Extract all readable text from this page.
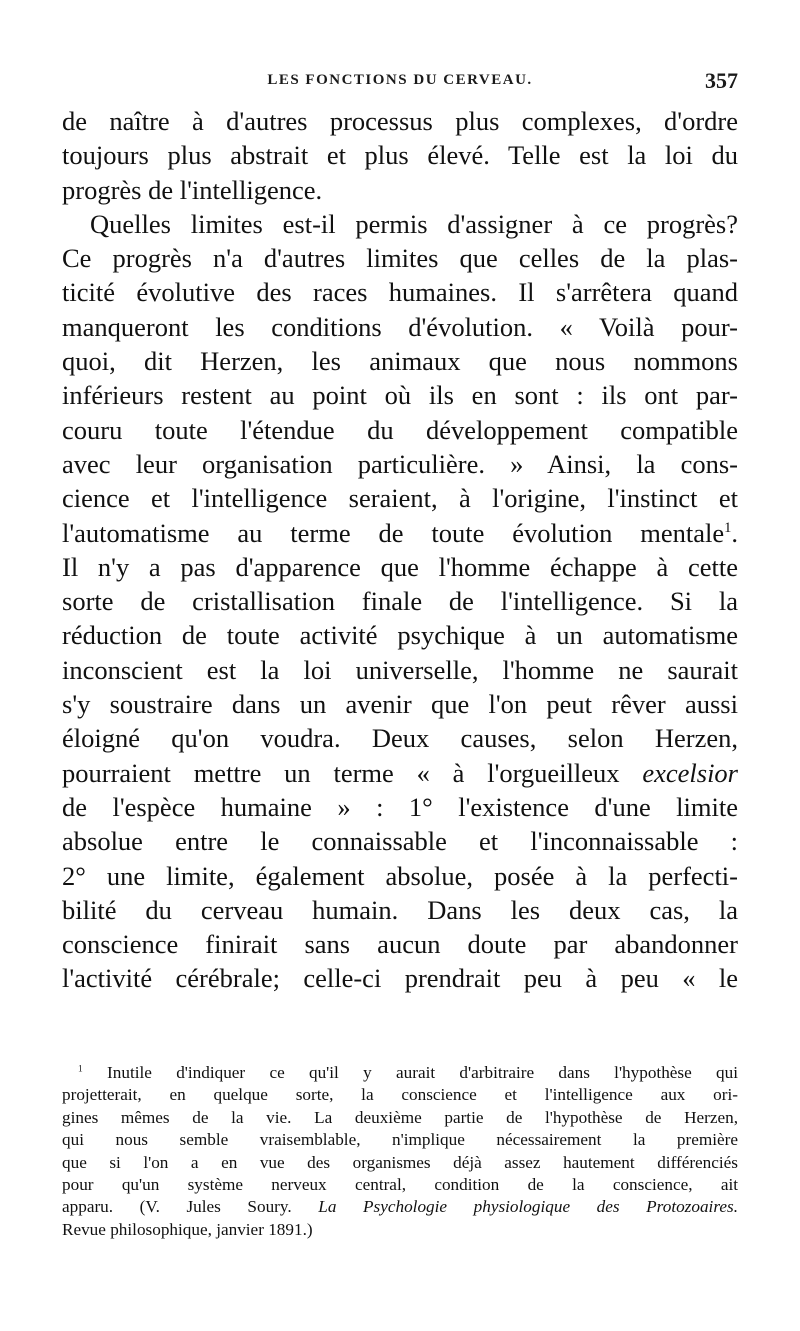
LES FONCTIONS DU CERVEAU.	357
de naître à d'autres processus plus complexes, d'ordre
toujours plus abstrait et plus élevé. Telle est la loi du
progrès de l'intelligence.
Quelles limites est-il permis d'assigner à ce progrès?
Ce progrès n'a d'autres limites que celles de la plas-
ticité évolutive des races humaines. Il s'arrêtera quand
manqueront les conditions d'évolution. « Voilà pour-
quoi, dit Herzen, les animaux que nous nommons
inférieurs restent au point où ils en sont : ils ont par-
couru toute l'étendue du développement compatible
avec leur organisation particulière. » Ainsi, la cons-
cience et l'intelligence seraient, à l'origine, l'instinct et
l'automatisme au terme de toute évolution mentale$^1$.
Il n'y a pas d'apparence que l'homme échappe à cette
sorte de cristallisation finale de l'intelligence. Si la
réduction de toute activité psychique à un automatisme
inconscient est la loi universelle, l'homme ne saurait
s'y soustraire dans un avenir que l'on peut rêver aussi
éloigné qu'on voudra. Deux causes, selon Herzen,
pourraient mettre un terme « à l'orgueilleux excelsior
de l'espèce humaine » : 1° l'existence d'une limite
absolue entre le connaissable et l'inconnaissable :
2° une limite, également absolue, posée à la perfecti-
bilité du cerveau humain. Dans les deux cas, la
conscience finirait sans aucun doute par abandonner
l'activité cérébrale; celle-ci prendrait peu à peu « le
$^1$ Inutile d'indiquer ce qu'il y aurait d'arbitraire dans l'hypothèse qui
projetterait, en quelque sorte, la conscience et l'intelligence aux ori-
gines mêmes de la vie. La deuxième partie de l'hypothèse de Herzen,
qui nous semble vraisemblable, n'implique nécessairement la première
que si l'on a en vue des organismes déjà assez hautement différenciés
pour qu'un système nerveux central, condition de la conscience, ait
apparu. (V. Jules Soury. La Psychologie physiologique des Protozoaires.
Revue philosophique, janvier 1891.)
